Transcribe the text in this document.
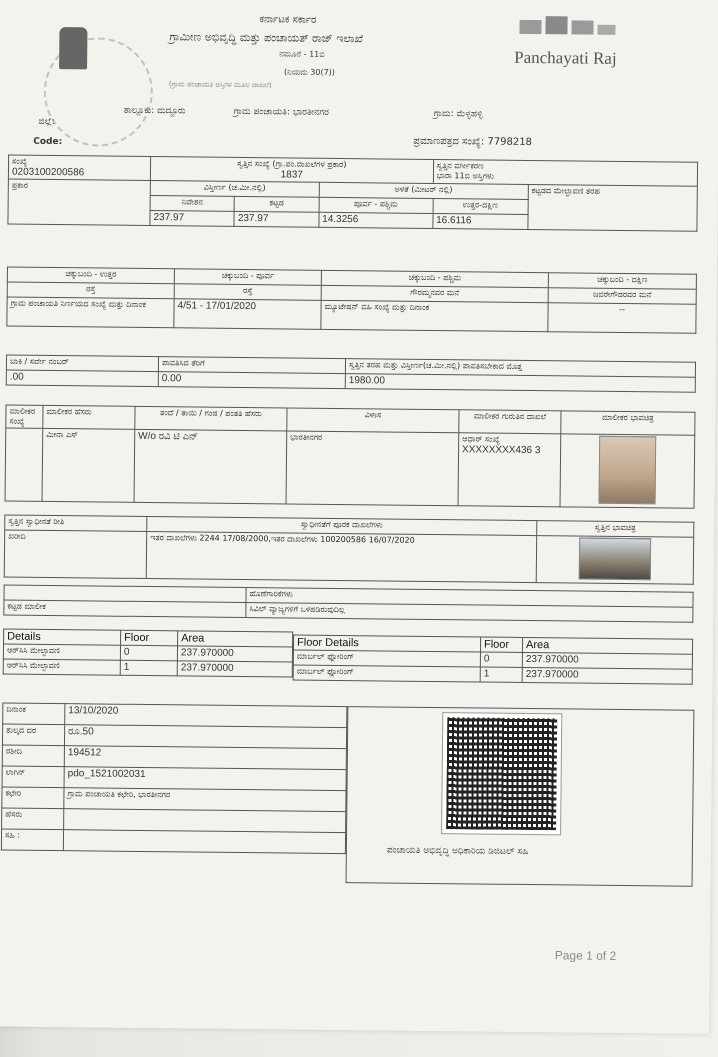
ಕರ್ನಾಟಕ ಸರ್ಕಾರ
ಗ್ರಾಮೀಣ ಅಭಿವೃದ್ಧಿ ಮತ್ತು ಪಂಚಾಯತ್ ರಾಜ್ ಇಲಾಖೆ
ನಮೂನೆ - 11ಬಿ
(ನಿಯಮ 30(7))
(ಗ್ರಾಮ ಪಂಚಾಯತಿ ಅಸ್ತಿಗಳ ಮೂಲ ದಾಖಲೆ)
Panchayati Raj
ಜಿಲ್ಲೆ:
ತಾಲ್ಲೂಕು: ಮದ್ದೂರು	ಗ್ರಾಮ ಪಂಚಾಯತಿ: ಭಾರತೀನಗರ	ಗ್ರಾಮ: ಮೆಳ್ಳಹಳ್ಳಿ
Code:	ಪ್ರಮಾಣಪತ್ರದ ಸಂಖ್ಯೆ: 7798218
ಸಂಖ್ಯೆ
0203100200586	ಸ್ವತ್ತಿನ ಸಂಖ್ಯೆ (ಗ್ರಾ.ಪಂ.ದಾಖಲೆಗಳ ಪ್ರಕಾರ)
1837			ಸ್ವತ್ತಿನ ವರ್ಗೀಕರಣ
ಭಾರಾ 11ಬಿ ಅಸ್ತಿಗಳು	
ಪ್ರಕಾರ	ವಿಸ್ತೀರ್ಣ (ಚ.ಮೀ.ನಲ್ಲಿ)		ಅಳತೆ (ಮೀಟರ್ ನಲ್ಲಿ)		ಕಟ್ಟಡದ ಮೇಲ್ಛಾವಣಿ ತರಹ
	ನಿವೇಶನ	ಕಟ್ಟಡ	ಪೂರ್ವ - ಪಶ್ಚಿಮ	ಉತ್ತರ-ದಕ್ಷಿಣ	
	237.97	237.97	14.3256	16.6116	
ಚಕ್ಕುಬಂದಿ - ಉತ್ತರ	ಚಕ್ಕುಬಂದಿ - ಪೂರ್ವ	ಚಕ್ಕುಬಂದಿ - ಪಶ್ಚಿಮ	ಚಕ್ಕುಬಂದಿ - ದಕ್ಷಿಣ
ರಸ್ತೆ	ರಸ್ತೆ	ಗೌರಮ್ಮನವರ ಮನೆ	ಜವರೇಗೌಡರವರ ಮನೆ
ಗ್ರಾಮ ಪಂಚಾಯತಿ ನಿರ್ಣಯದ ಸಂಖ್ಯೆ ಮತ್ತು ದಿನಾಂಕ	4/51 - 17/01/2020	ಮ್ಯೂಟೇಷನ್ ವಹಿ ಸಂಖ್ಯೆ ಮತ್ತು ದಿನಾಂಕ	--
ಬಾಕಿ / ಸರ್ವೇ ನಂಬರ್	ಪಾವತಿಸಿದ ತೆರಿಗೆ	ಸ್ವತ್ತಿನ ತರಹ ಮತ್ತು ವಿಸ್ತೀರ್ಣ(ಚ.ಮೀ.ನಲ್ಲಿ) ಪಾವತಿಸಬೇಕಾದ ಮೊತ್ತ
.00	0.00	1980.00
ಮಾಲೀಕರ ಸಂಖ್ಯೆ	ಮಾಲೀಕರ ಹೆಸರು	ತಂದೆ / ತಾಯಿ / ಗಂಡ / ಪಂತತಿ ಹೆಸರು	ವಿಳಾಸ	ಮಾಲೀಕರ ಗುರುತಿನ ದಾಖಲೆ	ಮಾಲೀಕರ ಭಾವಚಿತ್ರ
	ಮೀನಾ ಎಸ್	W/o ರವಿ ಟಿ ಎನ್	ಭಾರತೀನಗರ	ಆಧಾರ್ ಸಂಖ್ಯೆ
XXXXXXXX436 3	
ಸ್ವತ್ತಿನ ಸ್ವಾಧೀನತೆ ರೀತಿ	ಸ್ವಾಧೀನತೆಗೆ ಪೂರಕ ದಾಖಲೆಗಳು	ಸ್ವತ್ತಿನ ಭಾವಚಿತ್ರ
ಖರೀದಿ	ಇತರ ದಾಖಲೆಗಳು 2244 17/08/2000,ಇತರ ದಾಖಲೆಗಳು 100200586 16/07/2020	
	ಹೊಣೆಗಾರಿಕೆಗಳು
ಕಟ್ಟಡ ಮಾಲೀಕ	ಸಿವಿಲ್ ವ್ಯಾಜ್ಯಗಳಿಗೆ ಒಳಪಡಿರುವುದಿಲ್ಲ
Details	Floor	Area
ಆರ್‌ಸಿಸಿ ಮೇಲ್ಛಾವಣಿ	0	237.970000
ಆರ್‌ಸಿಸಿ ಮೇಲ್ಛಾವಣಿ	1	237.970000
Floor Details	Floor	Area
ಮಾರ್ಬಲ್ ಫ್ಲೋರಿಂಗ್	0	237.970000
ಮಾರ್ಬಲ್ ಫ್ಲೋರಿಂಗ್	1	237.970000
ದಿನಾಂಕ	13/10/2020
ಶುಲ್ಕದ ದರ	ರೂ.50
ರಶೀದಿ	194512
ಲಾಗಿನ್	pdo_1521002031
ಕಛೇರಿ	ಗ್ರಾಮ ಪಂಚಾಯತಿ ಕಛೇರಿ, ಭಾರತೀನಗರ
ಹೆಸರು	
ಸಹಿ :	
ಪಂಚಾಯತಿ ಅಭಿವೃದ್ಧಿ ಅಧಿಕಾರಿಯ ಡಿಜಿಟಲ್ ಸಹಿ
Page 1 of 2
